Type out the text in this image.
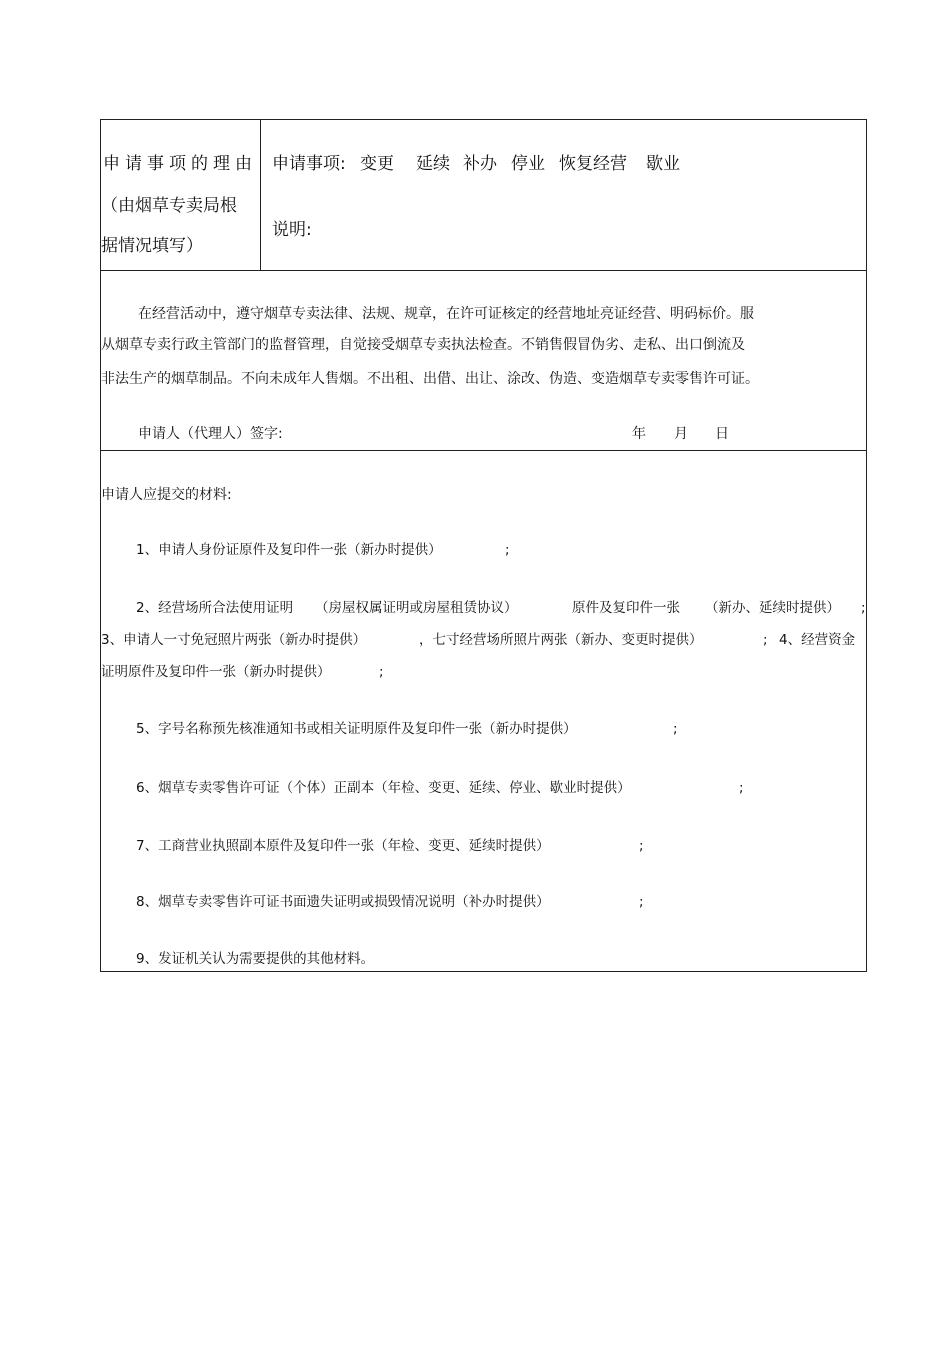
申请事项的理由
（由烟草专卖局根
据情况填写）
申请事项: 变更 延续 补办 停业 恢复经营 歇业
说明:
在经营活动中，遵守烟草专卖法律、法规、规章，在许可证核定的经营地址亮证经营、明码标价。服
从烟草专卖行政主管部门的监督管理，自觉接受烟草专卖执法检查。不销售假冒伪劣、走私、出口倒流及
非法生产的烟草制品。不向未成年人售烟。不出租、出借、出让、涂改、伪造、变造烟草专卖零售许可证。
申请人（代理人）签字:	年 月 日
申请人应提交的材料:
1、申请人身份证原件及复印件一张（新办时提供）	;
2、经营场所合法使用证明 （房屋权属证明或房屋租赁协议）	原件及复印件一张 （新办、延续时提供） ;
3、申请人一寸免冠照片两张（新办时提供）	，七寸经营场所照片两张（新办、变更时提供）	; 4、经营资金
证明原件及复印件一张（新办时提供）	;
5、字号名称预先核准通知书或相关证明原件及复印件一张（新办时提供）	;
6、烟草专卖零售许可证（个体）正副本（年检、变更、延续、停业、歇业时提供）	;
7、工商营业执照副本原件及复印件一张（年检、变更、延续时提供）	;
8、烟草专卖零售许可证书面遗失证明或损毁情况说明（补办时提供）	;
9、发证机关认为需要提供的其他材料。
